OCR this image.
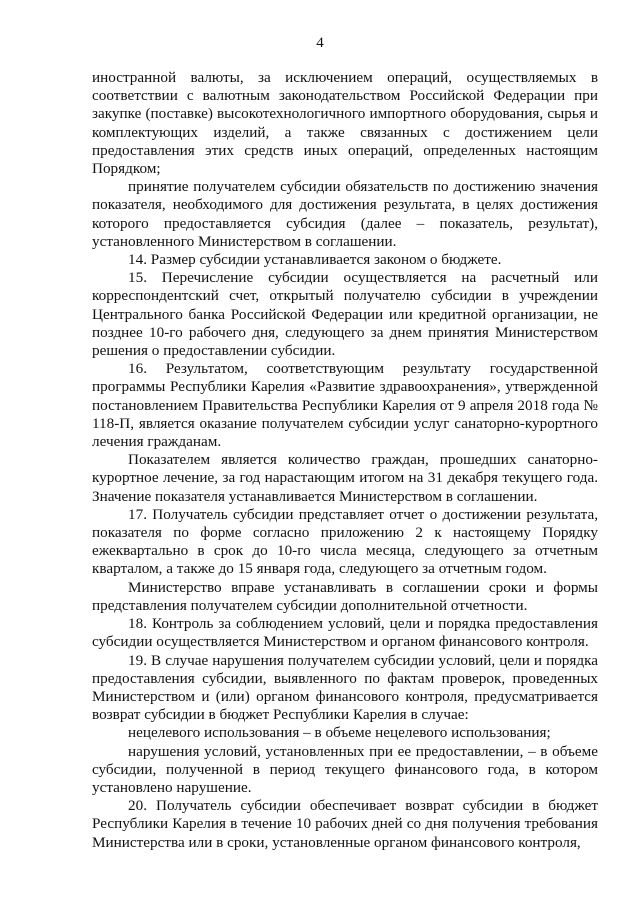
4

иностранной валюты, за исключением операций, осуществляемых в соответствии с валютным законодательством Российской Федерации при закупке (поставке) высокотехнологичного импортного оборудования, сырья и комплектующих изделий, а также связанных с достижением цели предоставления этих средств иных операций, определенных настоящим Порядком;

принятие получателем субсидии обязательств по достижению значения показателя, необходимого для достижения результата, в целях достижения которого предоставляется субсидия (далее – показатель, результат), установленного Министерством в соглашении.

14. Размер субсидии устанавливается законом о бюджете.

15. Перечисление субсидии осуществляется на расчетный или корреспондентский счет, открытый получателю субсидии в учреждении Центрального банка Российской Федерации или кредитной организации, не позднее 10-го рабочего дня, следующего за днем принятия Министерством решения о предоставлении субсидии.

16. Результатом, соответствующим результату государственной программы Республики Карелия «Развитие здравоохранения», утвержденной постановлением Правительства Республики Карелия от 9 апреля 2018 года № 118-П, является оказание получателем субсидии услуг санаторно-курортного лечения гражданам.

Показателем является количество граждан, прошедших санаторно-курортное лечение, за год нарастающим итогом на 31 декабря текущего года. Значение показателя устанавливается Министерством в соглашении.

17. Получатель субсидии представляет отчет о достижении результата, показателя по форме согласно приложению 2 к настоящему Порядку ежеквартально в срок до 10-го числа месяца, следующего за отчетным кварталом, а также до 15 января года, следующего за отчетным годом.

Министерство вправе устанавливать в соглашении сроки и формы представления получателем субсидии дополнительной отчетности.

18. Контроль за соблюдением условий, цели и порядка предоставления субсидии осуществляется Министерством и органом финансового контроля.

19. В случае нарушения получателем субсидии условий, цели и порядка предоставления субсидии, выявленного по фактам проверок, проведенных Министерством и (или) органом финансового контроля, предусматривается возврат субсидии в бюджет Республики Карелия в случае:

нецелевого использования – в объеме нецелевого использования;

нарушения условий, установленных при ее предоставлении, – в объеме субсидии, полученной в период текущего финансового года, в котором установлено нарушение.

20. Получатель субсидии обеспечивает возврат субсидии в бюджет Республики Карелия в течение 10 рабочих дней со дня получения требования Министерства или в сроки, установленные органом финансового контроля,
